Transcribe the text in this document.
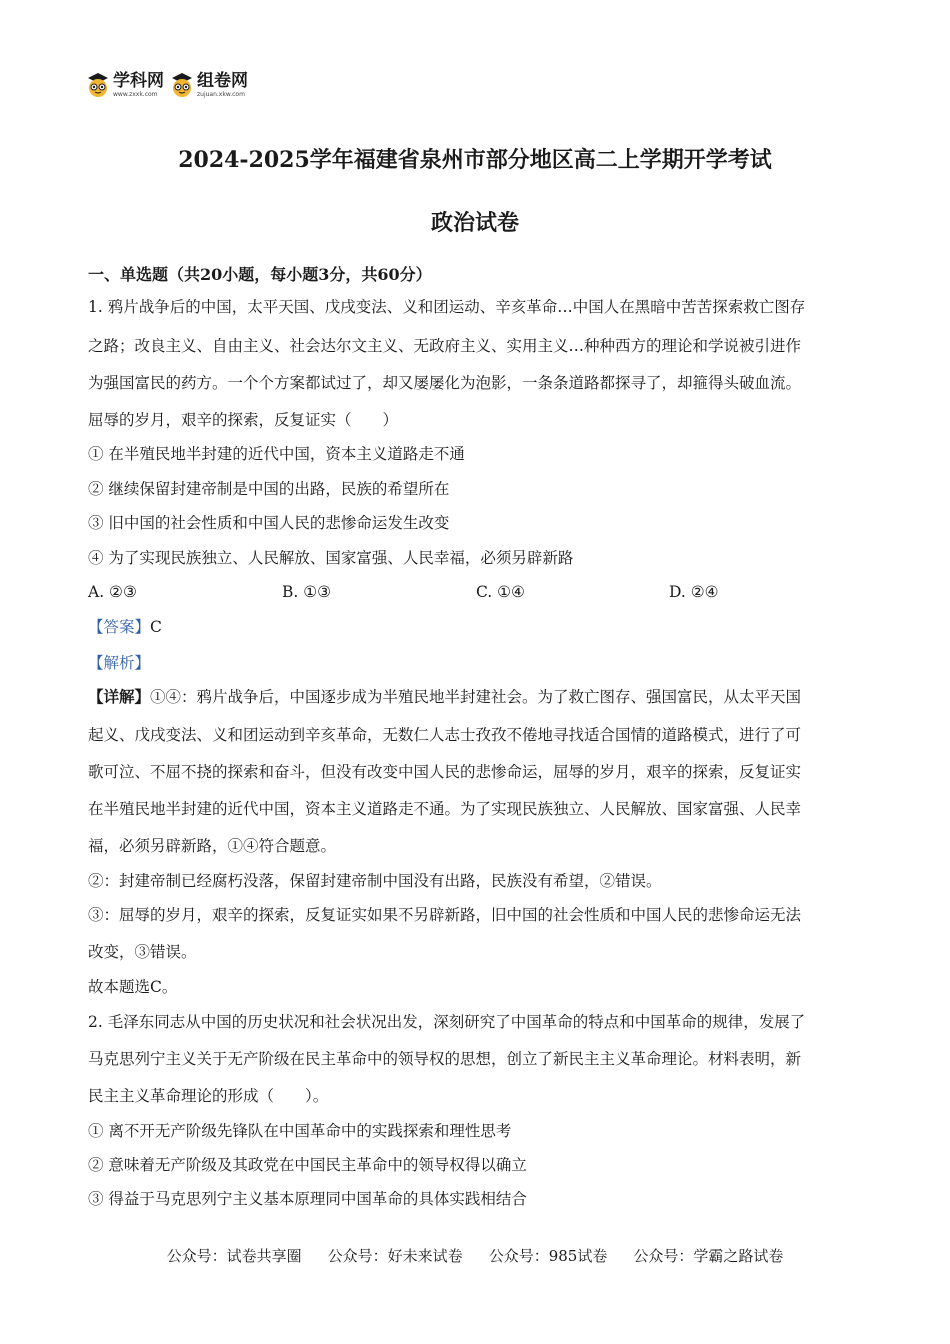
学科网
www.zxxk.com
组卷网
zujuan.xkw.com
2024-2025学年福建省泉州市部分地区高二上学期开学考试
政治试卷
一、单选题（共20小题，每小题3分，共60分）
1. 鸦片战争后的中国，太平天国、戊戌变法、义和团运动、辛亥革命…中国人在黑暗中苦苦探索救亡图存
之路；改良主义、自由主义、社会达尔文主义、无政府主义、实用主义…种种西方的理论和学说被引进作
为强国富民的药方。一个个方案都试过了，却又屡屡化为泡影，一条条道路都探寻了，却箍得头破血流。
屈辱的岁月，艰辛的探索，反复证实（　　）
① 在半殖民地半封建的近代中国，资本主义道路走不通
② 继续保留封建帝制是中国的出路，民族的希望所在
③ 旧中国的社会性质和中国人民的悲惨命运发生改变
④ 为了实现民族独立、人民解放、国家富强、人民幸福，必须另辟新路
A. ②③	B. ①③	C. ①④	D. ②④
【答案】C
【解析】
【详解】①④：鸦片战争后，中国逐步成为半殖民地半封建社会。为了救亡图存、强国富民，从太平天国
起义、戊戌变法、义和团运动到辛亥革命，无数仁人志士孜孜不倦地寻找适合国情的道路模式，进行了可
歌可泣、不屈不挠的探索和奋斗，但没有改变中国人民的悲惨命运，屈辱的岁月，艰辛的探索，反复证实
在半殖民地半封建的近代中国，资本主义道路走不通。为了实现民族独立、人民解放、国家富强、人民幸
福，必须另辟新路，①④符合题意。
②：封建帝制已经腐朽没落，保留封建帝制中国没有出路，民族没有希望，②错误。
③：屈辱的岁月，艰辛的探索，反复证实如果不另辟新路，旧中国的社会性质和中国人民的悲惨命运无法
改变，③错误。
故本题选C。
2. 毛泽东同志从中国的历史状况和社会状况出发，深刻研究了中国革命的特点和中国革命的规律，发展了
马克思列宁主义关于无产阶级在民主革命中的领导权的思想，创立了新民主主义革命理论。材料表明，新
民主主义革命理论的形成（　　）。
① 离不开无产阶级先锋队在中国革命中的实践探索和理性思考
② 意味着无产阶级及其政党在中国民主革命中的领导权得以确立
③ 得益于马克思列宁主义基本原理同中国革命的具体实践相结合
公众号：试卷共享圈 公众号：好未来试卷 公众号：985试卷 公众号：学霸之路试卷
